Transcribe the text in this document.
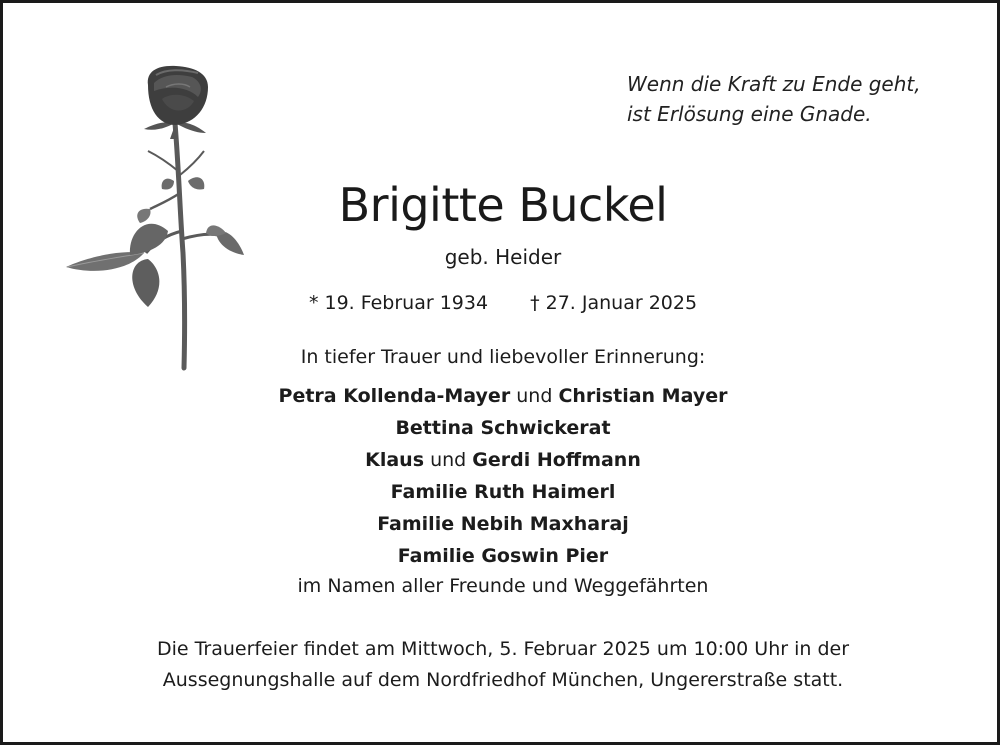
Wenn die Kraft zu Ende geht,
ist Erlösung eine Gnade.
Brigitte Buckel
geb. Heider
* 19. Februar 1934 † 27. Januar 2025
In tiefer Trauer und liebevoller Erinnerung:
Petra Kollenda-Mayer und Christian Mayer
Bettina Schwickerat
Klaus und Gerdi Hoffmann
Familie Ruth Haimerl
Familie Nebih Maxharaj
Familie Goswin Pier
im Namen aller Freunde und Weggefährten
Die Trauerfeier findet am Mittwoch, 5. Februar 2025 um 10:00 Uhr in der
Aussegnungshalle auf dem Nordfriedhof München, Ungererstraße statt.
